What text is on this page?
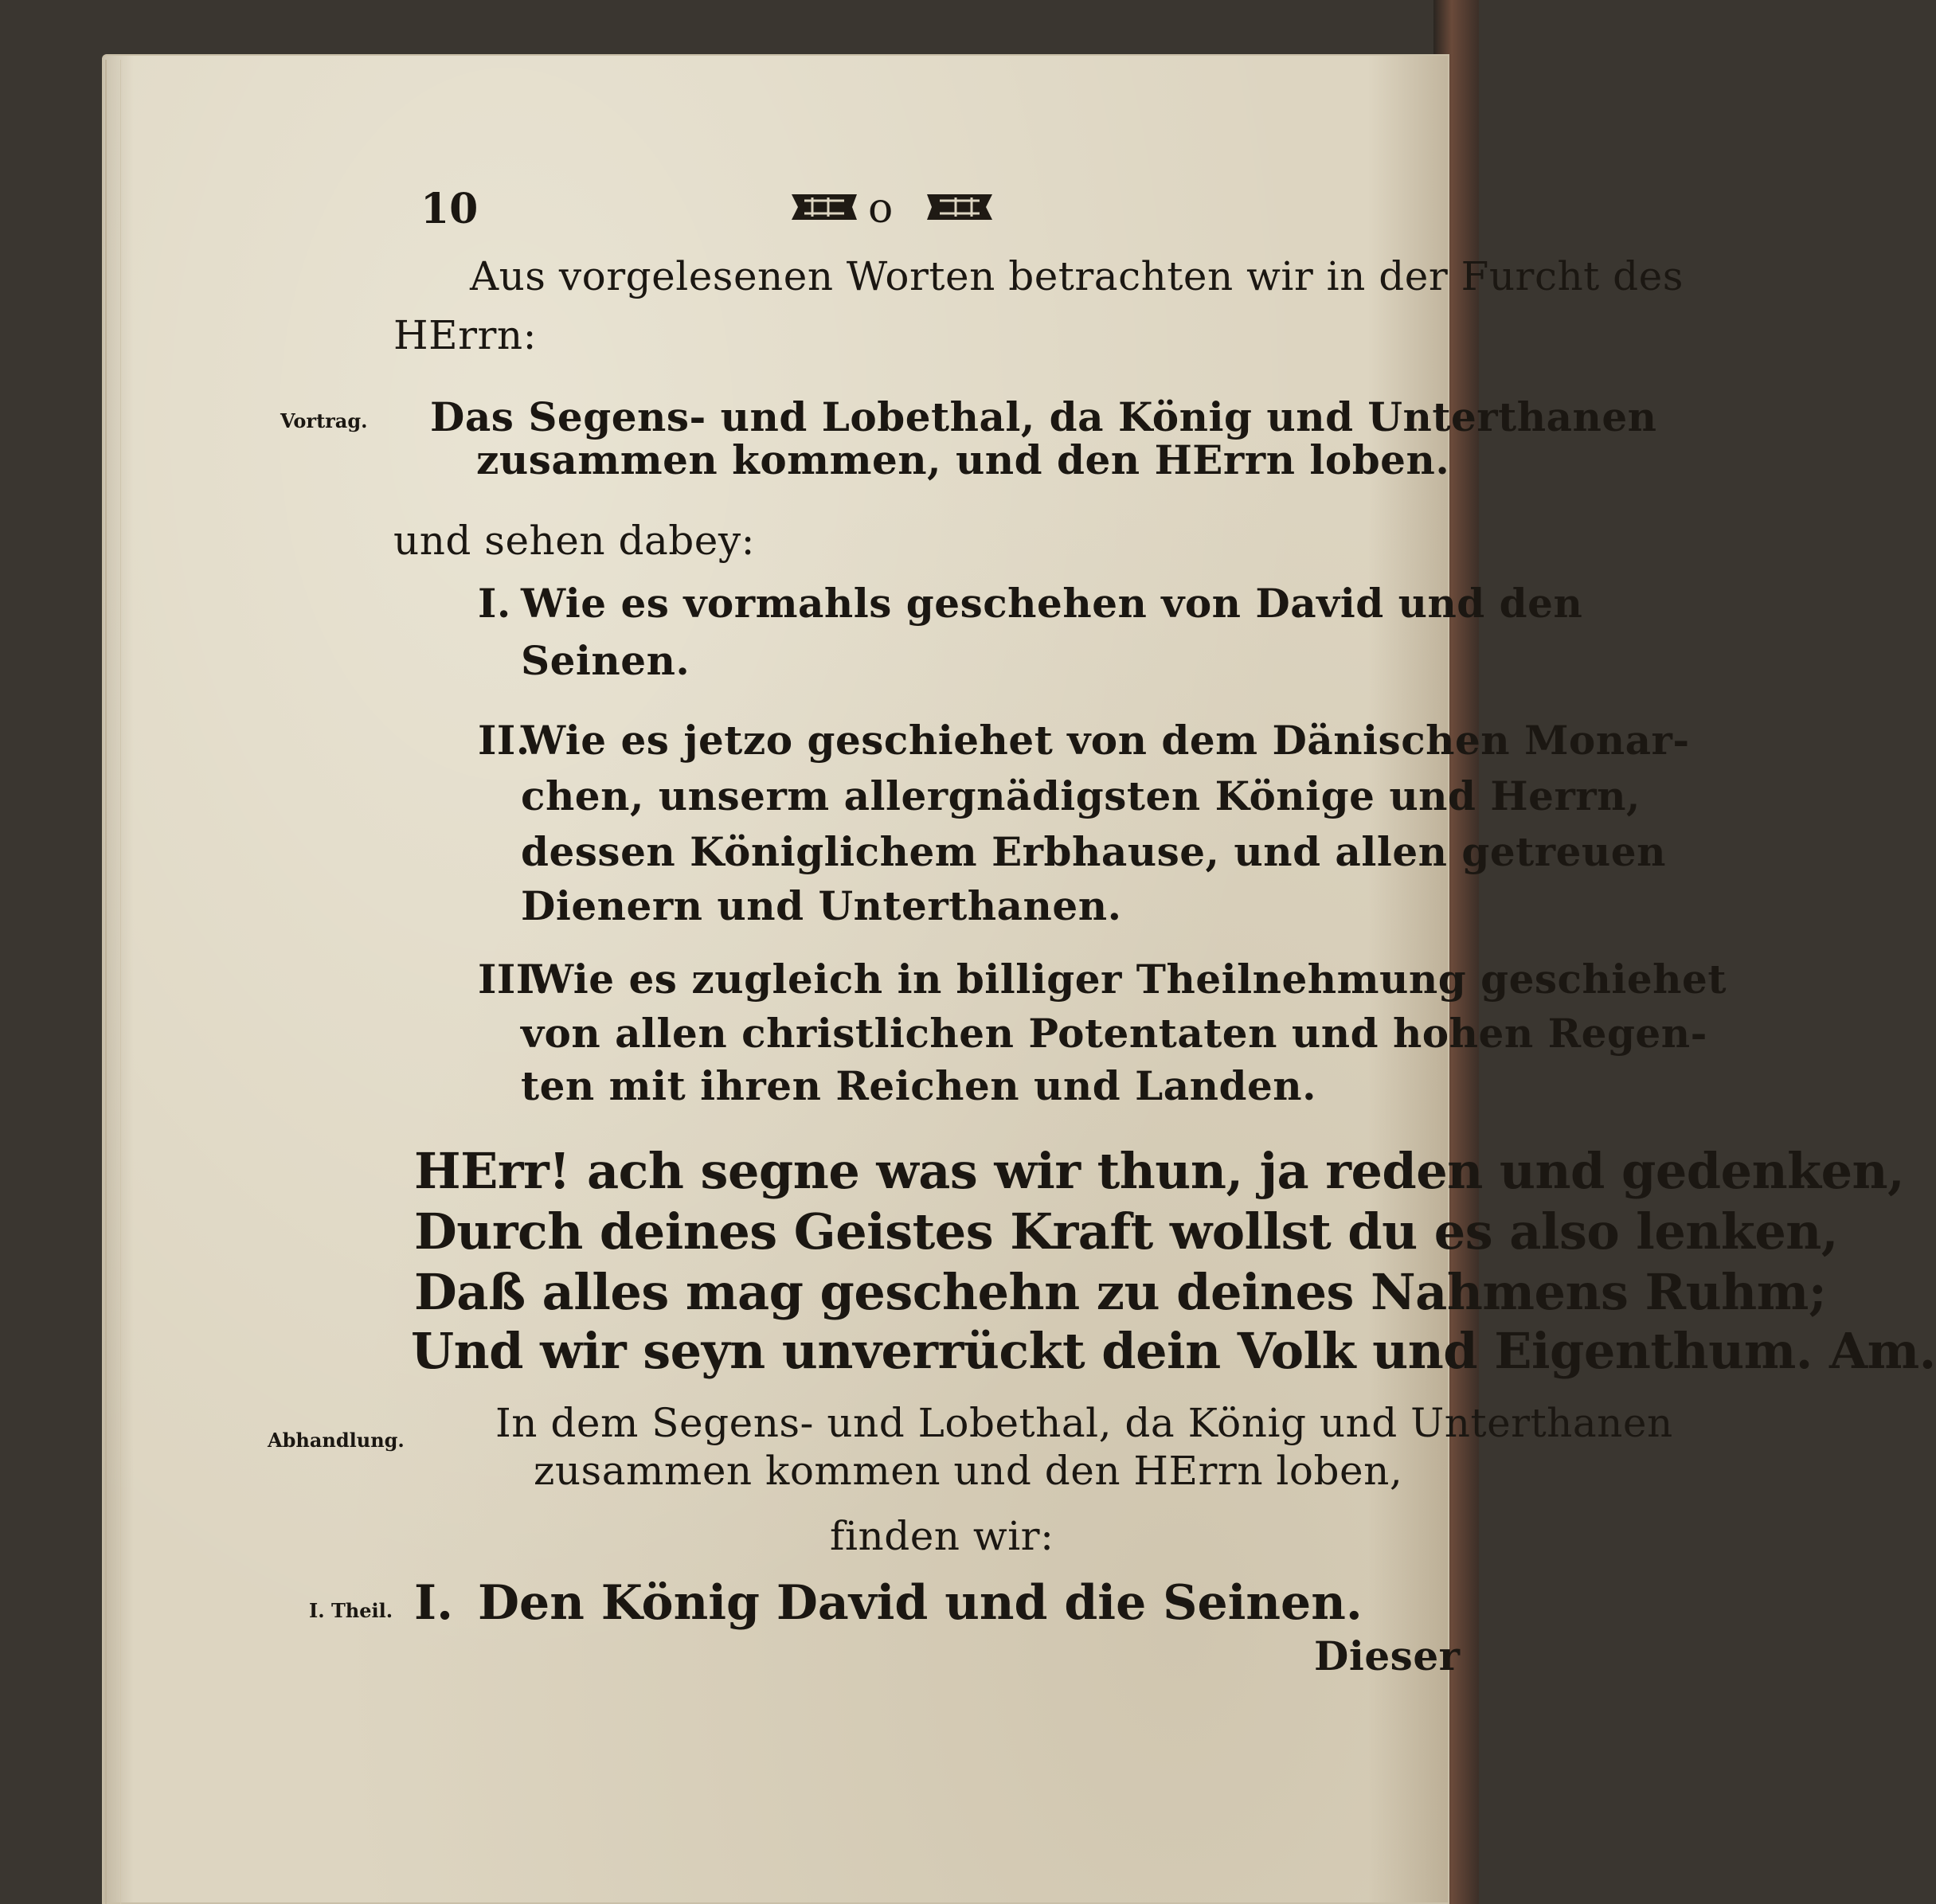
10	o
Aus vorgelesenen Worten betrachten wir in der Furcht des
HErrn:
Vortrag. Das Segens- und Lobethal, da König und Unterthanen
zusammen kommen, und den HErrn loben.
und sehen dabey:
I. Wie es vormahls geschehen von David und den
Seinen.
II.
Wie es jetzo geschiehet von dem Dänischen Monar-
chen, unserm allergnädigsten Könige und Herrn,
dessen Königlichem Erbhause, und allen getreuen
Dienern und Unterthanen.
III.
Wie es zugleich in billiger Theilnehmung geschiehet
von allen christlichen Potentaten und hohen Regen-
ten mit ihren Reichen und Landen.
HErr! ach segne was wir thun, ja reden und gedenken,
Durch deines Geistes Kraft wollst du es also lenken,
Daß alles mag geschehn zu deines Nahmens Ruhm;
Und wir seyn unverrückt dein Volk und Eigenthum. Am.
Abhandlung. In dem Segens- und Lobethal, da König und Unterthanen
zusammen kommen und den HErrn loben,
finden wir:
I. Theil. I. Den König David und die Seinen.
Dieser
